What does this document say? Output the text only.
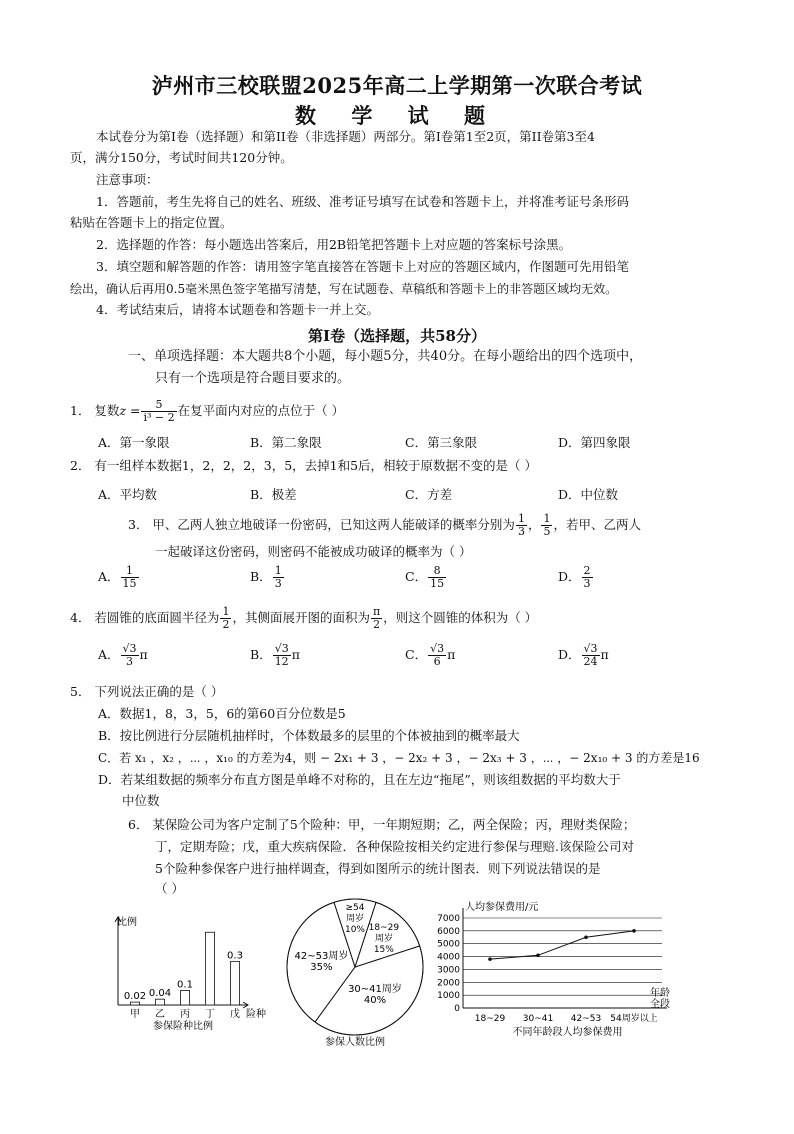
泸州市三校联盟2025年高二上学期第一次联合考试
数 学 试 题
本试卷分为第I卷（选择题）和第II卷（非选择题）两部分。第I卷第1至2页，第II卷第3至4
页，满分150分，考试时间共120分钟。
注意事项：
1．答题前，考生先将自己的姓名、班级、准考证号填写在试卷和答题卡上，并将准考证号条形码
粘贴在答题卡上的指定位置。
2．选择题的作答：每小题选出答案后，用2B铅笔把答题卡上对应题的答案标号涂黑。
3．填空题和解答题的作答：请用签字笔直接答在答题卡上对应的答题区域内，作图题可先用铅笔
绘出，确认后再用0.5毫米黑色签字笔描写清楚，写在试题卷、草稿纸和答题卡上的非答题区域均无效。
4．考试结束后，请将本试题卷和答题卡一并上交。
第I卷（选择题，共58分）
一、单项选择题：本大题共8个小题，每小题5分，共40分。在每小题给出的四个选项中，
只有一个选项是符合题目要求的。
1． 复数$z = \frac{5}{\text{i³ − 2}}$ 在复平面内对应的点位于（ ）
A．第一象限	B．第二象限	C．第三象限	D．第四象限
2． 有一组样本数据1，2，2，2，3，5，去掉1和5后，相较于原数据不变的是（ ）
A．平均数	B．极差	C．方差	D．中位数
3． 甲、乙两人独立地破译一份密码，已知这两人能破译的概率分别为 $\frac{1}{3}$ ， $\frac{1}{5}$ ，若甲、乙两人
一起破译这份密码，则密码不能被成功破译的概率为（ ）
A． $\frac{1}{15}$	B． $\frac{1}{3}$	C． $\frac{8}{15}$	D． $\frac{2}{3}$
4． 若圆锥的底面圆半径为 $\frac{1}{2}$ ，其侧面展开图的面积为 $\frac{\pi}{2}$ ，则这个圆锥的体积为（ ）
A． $\frac{√3}{3}$ π	B． $\frac{√3}{12}$ π	C． $\frac{√3}{6}$ π	D． $\frac{√3}{24}$ π
5． 下列说法正确的是（ ）
A．数据1，8，3，5，6的第60百分位数是5
B．按比例进行分层随机抽样时，个体数最多的层里的个体被抽到的概率最大
C．若 x₁ ，x₂ ，⋯ ，x₁₀ 的方差为4，则 − 2x₁ + 3 ，− 2x₂ + 3 ，− 2x₃ + 3 ，⋯ ，− 2x₁₀ + 3 的方差是16
D．若某组数据的频率分布直方图是单峰不对称的，且在左边“拖尾”，则该组数据的平均数大于
中位数
6． 某保险公司为客户定制了5个险种：甲，一年期短期；乙，两全保险；丙，理财类保险；
丁，定期寿险；戊，重大疾病保险．各种保险按相关约定进行参保与理赔.该保险公司对
5个险种参保客户进行抽样调查，得到如图所示的统计图表．则下列说法错误的是
（ ）
比例
险种
甲
0.02
乙
0.04
丙
0.1
丁 戊
0.3
参保险种比例
≥54
周岁
10% 18~29
周岁
15%
30~41周岁
40%
42~53周岁
35%
参保人数比例
人均参保费用/元
1000
2000
3000
4000
5000
6000
7000
0
18~29 30~41 42~53 54周岁以上
年龄
全段
不同年龄段人均参保费用
